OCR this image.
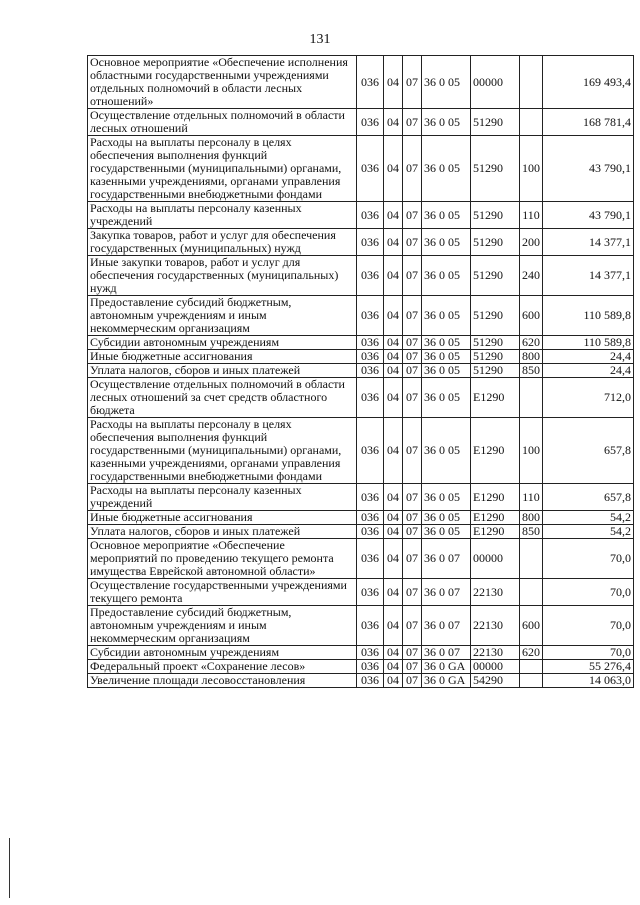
131
Основное мероприятие «Обеспечение исполнения областными государственными учреждениями отдельных полномочий в области лесных отношений»	036	04	07	36 0 05	00000		169 493,4
Осуществление отдельных полномочий в области лесных отношений	036	04	07	36 0 05	51290		168 781,4
Расходы на выплаты персоналу в целях обеспечения выполнения функций государственными (муниципальными) органами, казенными учреждениями, органами управления государственными внебюджетными фондами	036	04	07	36 0 05	51290	100	43 790,1
Расходы на выплаты персоналу казенных учреждений	036	04	07	36 0 05	51290	110	43 790,1
Закупка товаров, работ и услуг для обеспечения государственных (муниципальных) нужд	036	04	07	36 0 05	51290	200	14 377,1
Иные закупки товаров, работ и услуг для обеспечения государственных (муниципальных) нужд	036	04	07	36 0 05	51290	240	14 377,1
Предоставление субсидий бюджетным, автономным учреждениям и иным некоммерческим организациям	036	04	07	36 0 05	51290	600	110 589,8
Субсидии автономным учреждениям	036	04	07	36 0 05	51290	620	110 589,8
Иные бюджетные ассигнования	036	04	07	36 0 05	51290	800	24,4
Уплата налогов, сборов и иных платежей	036	04	07	36 0 05	51290	850	24,4
Осуществление отдельных полномочий в области лесных отношений за счет средств областного бюджета	036	04	07	36 0 05	E1290		712,0
Расходы на выплаты персоналу в целях обеспечения выполнения функций государственными (муниципальными) органами, казенными учреждениями, органами управления государственными внебюджетными фондами	036	04	07	36 0 05	E1290	100	657,8
Расходы на выплаты персоналу казенных учреждений	036	04	07	36 0 05	E1290	110	657,8
Иные бюджетные ассигнования	036	04	07	36 0 05	E1290	800	54,2
Уплата налогов, сборов и иных платежей	036	04	07	36 0 05	E1290	850	54,2
Основное мероприятие «Обеспечение мероприятий по проведению текущего ремонта имущества Еврейской автономной области»	036	04	07	36 0 07	00000		70,0
Осуществление государственными учреждениями текущего ремонта	036	04	07	36 0 07	22130		70,0
Предоставление субсидий бюджетным, автономным учреждениям и иным некоммерческим организациям	036	04	07	36 0 07	22130	600	70,0
Субсидии автономным учреждениям	036	04	07	36 0 07	22130	620	70,0
Федеральный проект «Сохранение лесов»	036	04	07	36 0 GA	00000		55 276,4
Увеличение площади лесовосстановления	036	04	07	36 0 GA	54290		14 063,0
